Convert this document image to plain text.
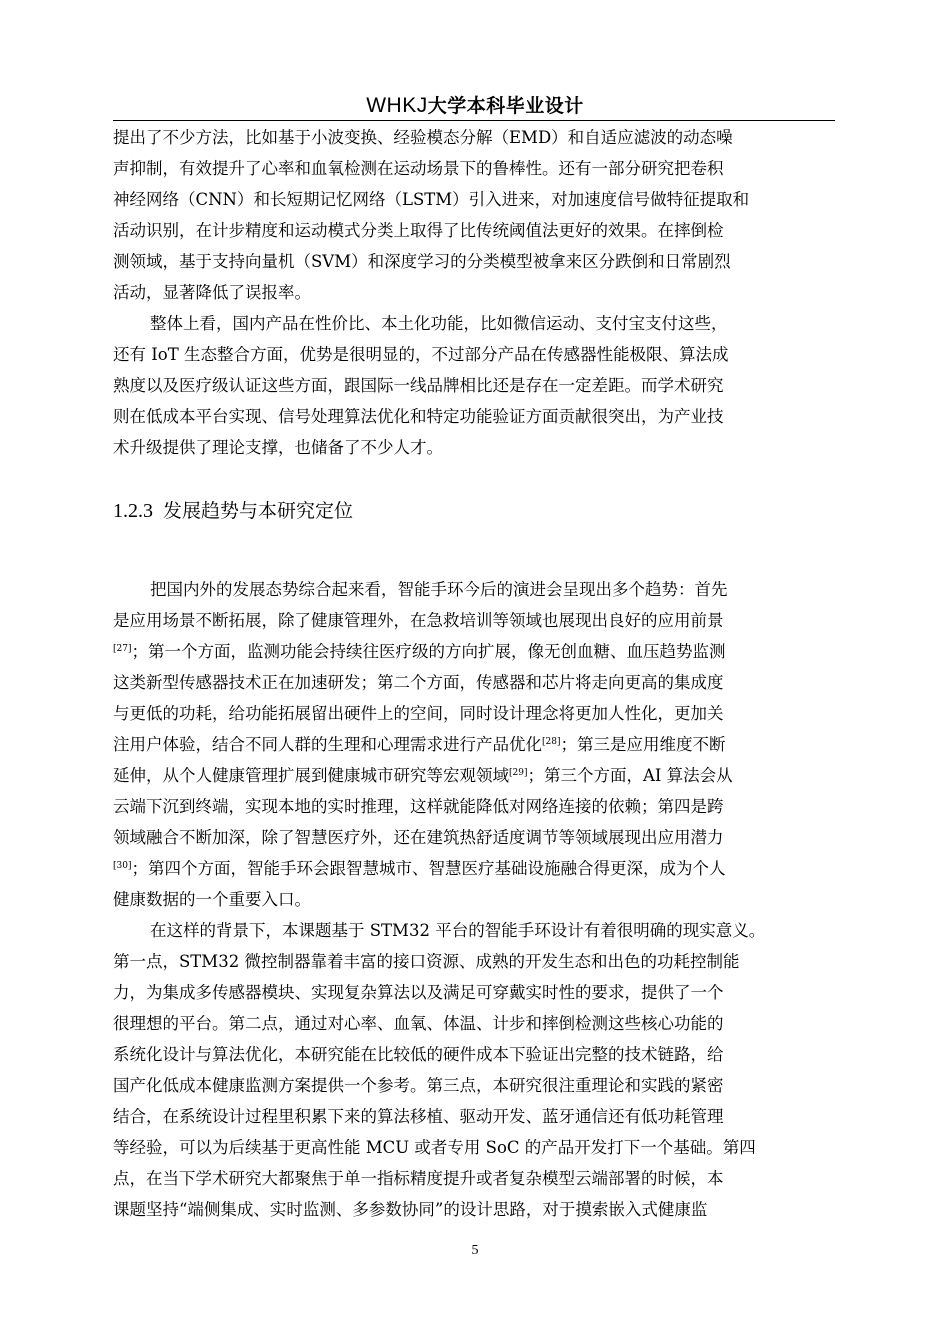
WHKJ大学本科毕业设计
提出了不少方法，比如基于小波变换、经验模态分解（EMD）和自适应滤波的动态噪
声抑制，有效提升了心率和血氧检测在运动场景下的鲁棒性。还有一部分研究把卷积
神经网络（CNN）和长短期记忆网络（LSTM）引入进来，对加速度信号做特征提取和
活动识别，在计步精度和运动模式分类上取得了比传统阈值法更好的效果。在摔倒检
测领域，基于支持向量机（SVM）和深度学习的分类模型被拿来区分跌倒和日常剧烈
活动，显著降低了误报率。
整体上看，国内产品在性价比、本土化功能，比如微信运动、支付宝支付这些，
还有 IoT 生态整合方面，优势是很明显的，不过部分产品在传感器性能极限、算法成
熟度以及医疗级认证这些方面，跟国际一线品牌相比还是存在一定差距。而学术研究
则在低成本平台实现、信号处理算法优化和特定功能验证方面贡献很突出，为产业技
术升级提供了理论支撑，也储备了不少人才。
1.2.3 发展趋势与本研究定位
把国内外的发展态势综合起来看，智能手环今后的演进会呈现出多个趋势：首先
是应用场景不断拓展，除了健康管理外，在急救培训等领域也展现出良好的应用前景
[27]；第一个方面，监测功能会持续往医疗级的方向扩展，像无创血糖、血压趋势监测
这类新型传感器技术正在加速研发；第二个方面，传感器和芯片将走向更高的集成度
与更低的功耗，给功能拓展留出硬件上的空间，同时设计理念将更加人性化，更加关
注用户体验，结合不同人群的生理和心理需求进行产品优化[28]；第三是应用维度不断
延伸，从个人健康管理扩展到健康城市研究等宏观领域[29]；第三个方面，AI 算法会从
云端下沉到终端，实现本地的实时推理，这样就能降低对网络连接的依赖；第四是跨
领域融合不断加深，除了智慧医疗外，还在建筑热舒适度调节等领域展现出应用潜力
[30]；第四个方面，智能手环会跟智慧城市、智慧医疗基础设施融合得更深，成为个人
健康数据的一个重要入口。
在这样的背景下，本课题基于 STM32 平台的智能手环设计有着很明确的现实意义。
第一点，STM32 微控制器靠着丰富的接口资源、成熟的开发生态和出色的功耗控制能
力，为集成多传感器模块、实现复杂算法以及满足可穿戴实时性的要求，提供了一个
很理想的平台。第二点，通过对心率、血氧、体温、计步和摔倒检测这些核心功能的
系统化设计与算法优化，本研究能在比较低的硬件成本下验证出完整的技术链路，给
国产化低成本健康监测方案提供一个参考。第三点，本研究很注重理论和实践的紧密
结合，在系统设计过程里积累下来的算法移植、驱动开发、蓝牙通信还有低功耗管理
等经验，可以为后续基于更高性能 MCU 或者专用 SoC 的产品开发打下一个基础。第四
点，在当下学术研究大都聚焦于单一指标精度提升或者复杂模型云端部署的时候，本
课题坚持“端侧集成、实时监测、多参数协同”的设计思路，对于摸索嵌入式健康监
5
